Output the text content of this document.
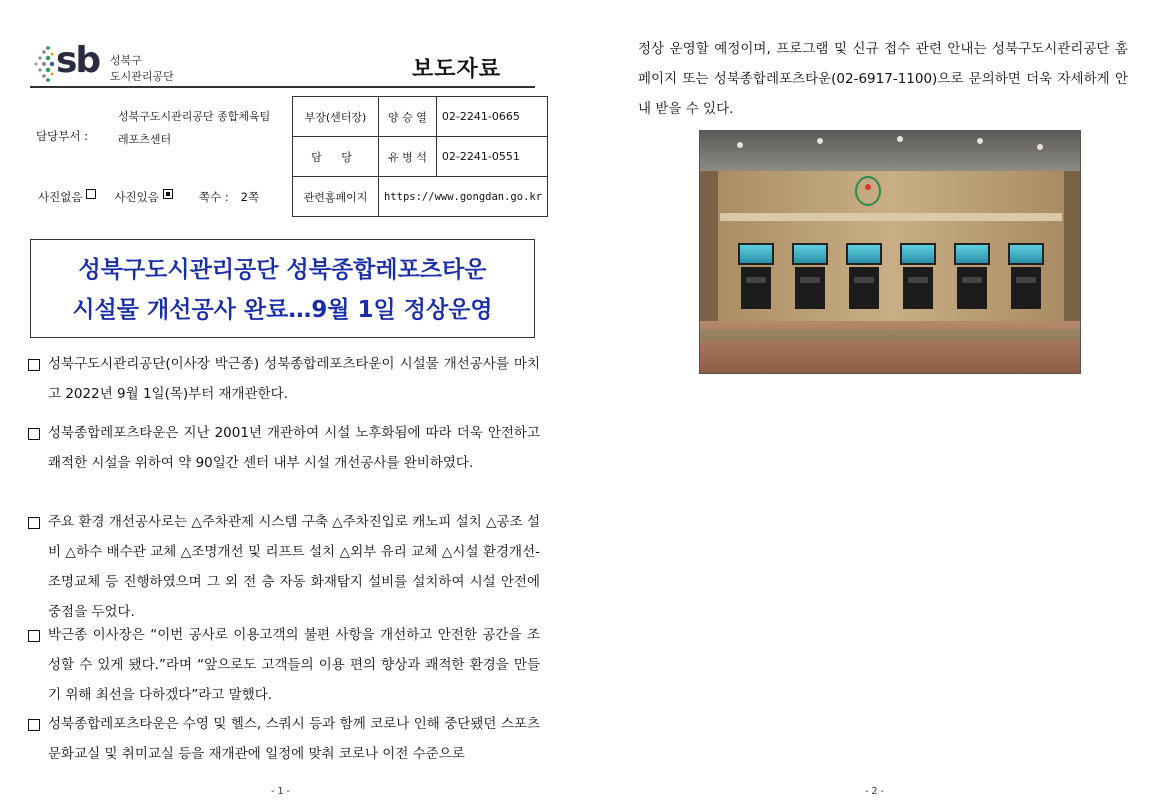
sb 성북구
도시관리공단	보도자료
담당부서 :
성북구도시관리공단 종합체육팀
레포츠센터
사진없음	사진있음	쪽수 : 2쪽
부장(센터장)	양 승 열	02-2241-0665
담 당	유 병 석	02-2241-0551
관련홈페이지	https://www.gongdan.go.kr	
성북구도시관리공단 성북종합레포츠타운
시설물 개선공사 완료…9월 1일 정상운영
성북구도시관리공단(이사장 박근종) 성북종합레포츠타운이 시설물 개선공사를 마치고 2022년 9월 1일(목)부터 재개관한다.
성북종합레포츠타운은 지난 2001년 개관하여 시설 노후화됨에 따라 더욱 안전하고 쾌적한 시설을 위하여 약 90일간 센터 내부 시설 개선공사를 완비하였다.
주요 환경 개선공사로는 △주차관제 시스템 구축 △주차진입로 캐노피 설치 △공조 설비 △하수 배수관 교체 △조명개선 및 리프트 설치 △외부 유리 교체 △시설 환경개선-조명교체 등 진행하였으며 그 외 전 층 자동 화재탐지 설비를 설치하여 시설 안전에 중점을 두었다.
박근종 이사장은 “이번 공사로 이용고객의 불편 사항을 개선하고 안전한 공간을 조성할 수 있게 됐다.”라며 “앞으로도 고객들의 이용 편의 향상과 쾌적한 환경을 만들기 위해 최선을 다하겠다”라고 말했다.
성북종합레포츠타운은 수영 및 헬스, 스쿼시 등과 함께 코로나 인해 중단됐던 스포츠문화교실 및 취미교실 등을 재개관에 일정에 맞춰 코로나 이전 수준으로
- 1 -
정상 운영할 예정이며, 프로그램 및 신규 접수 관련 안내는 성북구도시관리공단 홈페이지 또는 성북종합레포츠타운(02-6917-1100)으로 문의하면 더욱 자세하게 안내 받을 수 있다.
- 2 -
